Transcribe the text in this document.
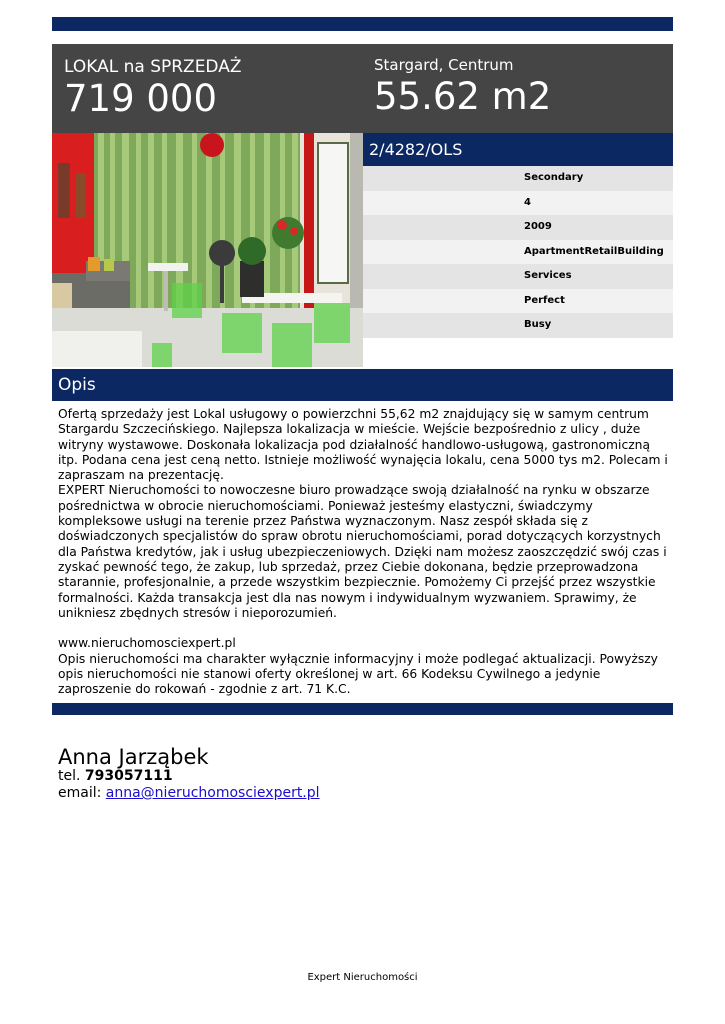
LOKAL na SPRZEDAŻ
719 000
Stargard, Centrum
55.62 m2
2/4282/OLS
Secondary
4
2009
ApartmentRetailBuilding
Services
Perfect
Busy
Opis

Ofertą sprzedaży jest Lokal usługowy o powierzchni 55,62 m2 znajdujący się w samym centrum Stargardu Szczecińskiego. Najlepsza lokalizacja w mieście. Wejście bezpośrednio z ulicy , duże witryny wystawowe. Doskonała lokalizacja pod działalność handlowo-usługową, gastronomiczną itp. Podana cena jest ceną netto. Istnieje możliwość wynajęcia lokalu, cena 5000 tys m2. Polecam i zapraszam na prezentację.

EXPERT Nieruchomości to nowoczesne biuro prowadzące swoją działalność na rynku w obszarze pośrednictwa w obrocie nieruchomościami. Ponieważ jesteśmy elastyczni, świadczymy kompleksowe usługi na terenie przez Państwa wyznaczonym. Nasz zespół składa się z doświadczonych specjalistów do spraw obrotu nieruchomościami, porad dotyczących korzystnych dla Państwa kredytów, jak i usług ubezpieczeniowych. Dzięki nam możesz zaoszczędzić swój czas i zyskać pewność tego, że zakup, lub sprzedaż, przez Ciebie dokonana, będzie przeprowadzona starannie, profesjonalnie, a przede wszystkim bezpiecznie. Pomożemy Ci przejść przez wszystkie formalności. Każda transakcja jest dla nas nowym i indywidualnym wyzwaniem. Sprawimy, że unikniesz zbędnych stresów i nieporozumień.

www.nieruchomosciexpert.pl

Opis nieruchomości ma charakter wyłącznie informacyjny i może podlegać aktualizacji. Powyższy opis nieruchomości nie stanowi oferty określonej w art. 66 Kodeksu Cywilnego a jedynie zaproszenie do rokowań - zgodnie z art. 71 K.C.

Anna Jarząbek
tel. 793057111
email: anna@nieruchomosciexpert.pl
Expert Nieruchomości
